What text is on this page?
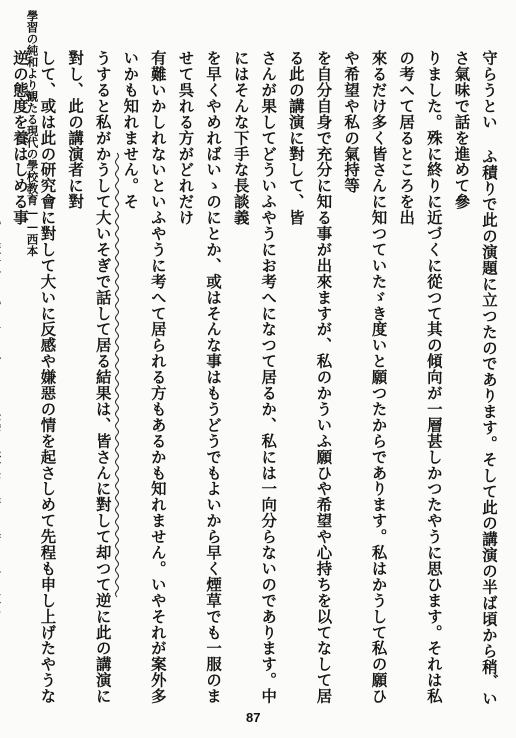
學習の純和より観たる現代の學校教育——西本	守らうとい ふ積りで此の演題に立つたのであります。そして此の講演の半ば頃から稍 ゙いさ氣味で話を進めて參
りました。殊に終りに近づくに從つて其の傾向が一層甚しかつたやうに思ひます。それは私の考へて居るところを出
來るだけ多く皆さんに知つていたゞき度いと願つたからであります。私はかうして私の願ひや希望や私の氣持等
を自分自身で充分に知る事が出來ますが、私のかういふ願ひや希望や心持ちを以てなして居る此の講演に對して、皆
さんが果してどういふやうにお考へになつて居るか、私には一向分らないのであります。中にはそんな下手な長談義
を早くやめればいゝのにとか、或はそんな事はもうどうでもよいから早く煙草でも一服のませて呉れる方がどれだけ
有難いかしれないといふやうに考へて居られる方もあるかも知れません。いやそれが案外多いかも知れません。そ
うすると私がかうして大いそぎで話して居る結果は、皆さんに對して却つて逆に此の講演に對し、此の講演者に對
して、或は此の研究會に對して大いに反感や嫌惡の情を起さしめて先程も申し上げたやうな逆の態度を養はしめる事

87
